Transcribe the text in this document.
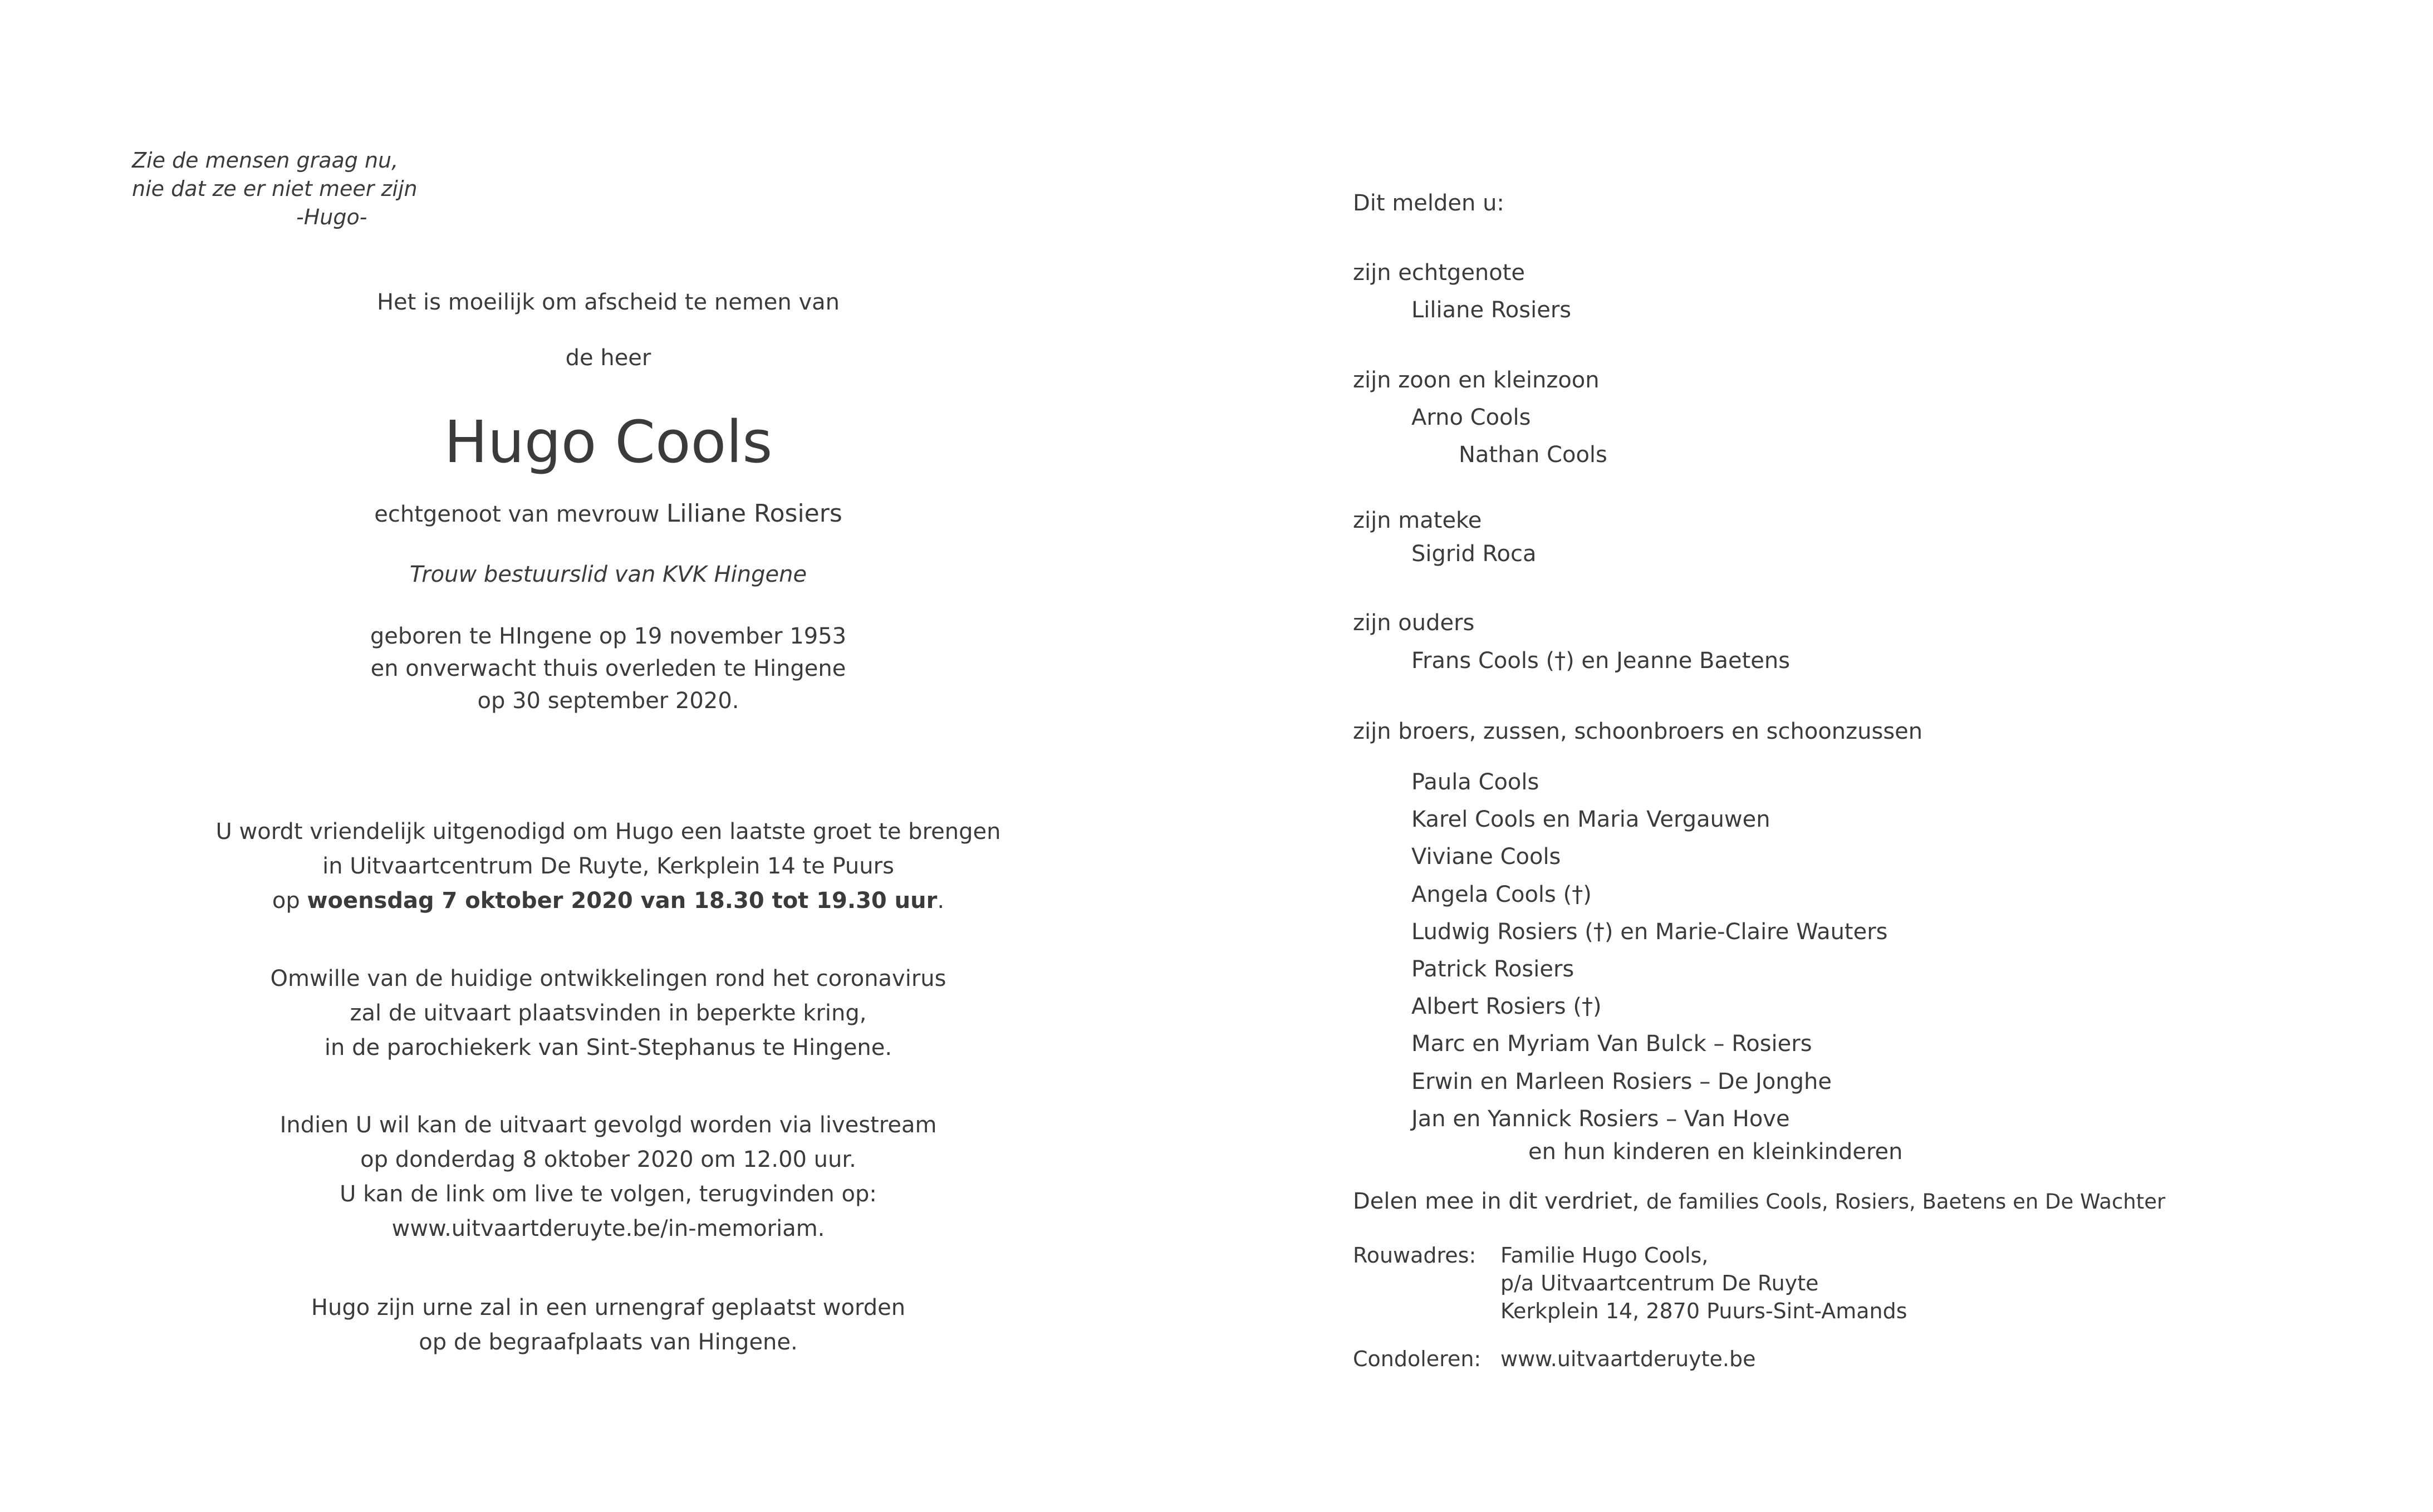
Zie de mensen graag nu,
nie dat ze er niet meer zijn

-Hugo-
Het is moeilijk om afscheid te nemen van
de heer
Hugo Cools
echtgenoot van mevrouw Liliane Rosiers
Trouw bestuurslid van KVK Hingene
geboren te HIngene op 19 november 1953
en onverwacht thuis overleden te Hingene
op 30 september 2020.
U wordt vriendelijk uitgenodigd om Hugo een laatste groet te brengen
in Uitvaartcentrum De Ruyte, Kerkplein 14 te Puurs
op woensdag 7 oktober 2020 van 18.30 tot 19.30 uur.
Omwille van de huidige ontwikkelingen rond het coronavirus
zal de uitvaart plaatsvinden in beperkte kring,
in de parochiekerk van Sint-Stephanus te Hingene.
Indien U wil kan de uitvaart gevolgd worden via livestream
op donderdag 8 oktober 2020 om 12.00 uur.
U kan de link om live te volgen, terugvinden op:
www.uitvaartderuyte.be/in-memoriam.
Hugo zijn urne zal in een urnengraf geplaatst worden
op de begraafplaats van Hingene.
Dit melden u:
zijn echtgenote
Liliane Rosiers
zijn zoon en kleinzoon
Arno Cools
Nathan Cools
zijn mateke
Sigrid Roca
zijn ouders
Frans Cools (†) en Jeanne Baetens
zijn broers, zussen, schoonbroers en schoonzussen
Paula Cools
Karel Cools en Maria Vergauwen
Viviane Cools
Angela Cools (†)
Ludwig Rosiers (†) en Marie-Claire Wauters
Patrick Rosiers
Albert Rosiers (†)
Marc en Myriam Van Bulck – Rosiers
Erwin en Marleen Rosiers – De Jonghe
Jan en Yannick Rosiers – Van Hove
en hun kinderen en kleinkinderen
Delen mee in dit verdriet, de families Cools, Rosiers, Baetens en De Wachter
Rouwadres: Familie Hugo Cools,
p/a Uitvaartcentrum De Ruyte
Kerkplein 14, 2870 Puurs-Sint-Amands
Condoleren: www.uitvaartderuyte.be
